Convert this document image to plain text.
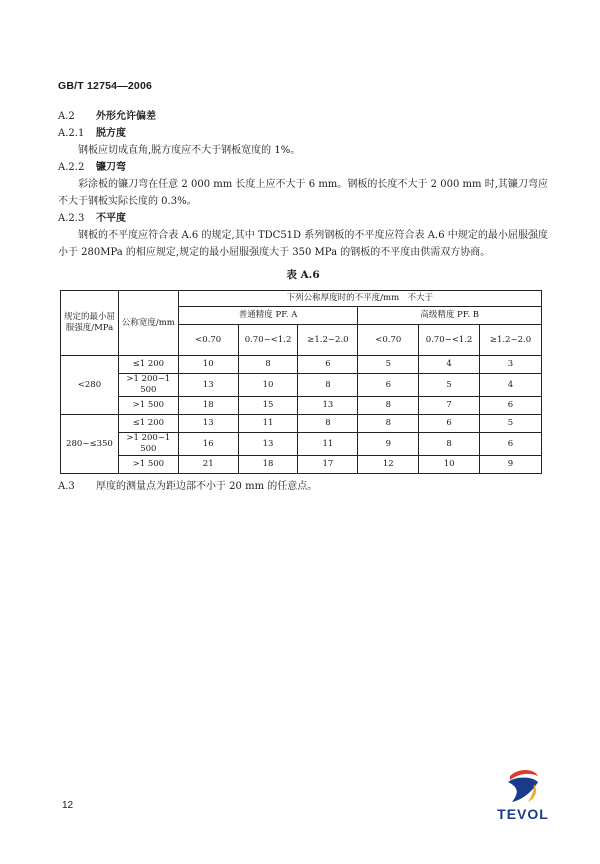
GB/T 12754—2006

A.2 外形允许偏差

A.2.1 脱方度

钢板应切成直角,脱方度应不大于钢板宽度的 1%。

A.2.2 镰刀弯

彩涂板的镰刀弯在任意 2 000 mm 长度上应不大于 6 mm。钢板的长度不大于 2 000 mm 时,其镰刀弯应不大于钢板实际长度的 0.3%。

A.2.3 不平度

钢板的不平度应符合表 A.6 的规定,其中 TDC51D 系列钢板的不平度应符合表 A.6 中规定的最小屈服强度小于 280MPa 的相应规定,规定的最小屈服强度大于 350 MPa 的钢板的不平度由供需双方协商。

表 A.6
规定的最小屈服强度/MPa	公称宽度/mm	下列公称厚度时的不平度/mm　不大于					
		普通精度 PF. A			高级精度 PF. B		
		<0.70	0.70~<1.2	≥1.2~2.0	<0.70	0.70~<1.2	≥1.2~2.0
<280	≤1 200	10	8	6	5	4	3
	>1 200~1 500	13	10	8	6	5	4
	>1 500	18	15	13	8	7	6
280~≤350	≤1 200	13	11	8	8	6	5
	>1 200~1 500	16	13	11	9	8	6
	>1 500	21	18	17	12	10	9

A.3 厚度的测量点为距边部不小于 20 mm 的任意点。

12
TEVOL
